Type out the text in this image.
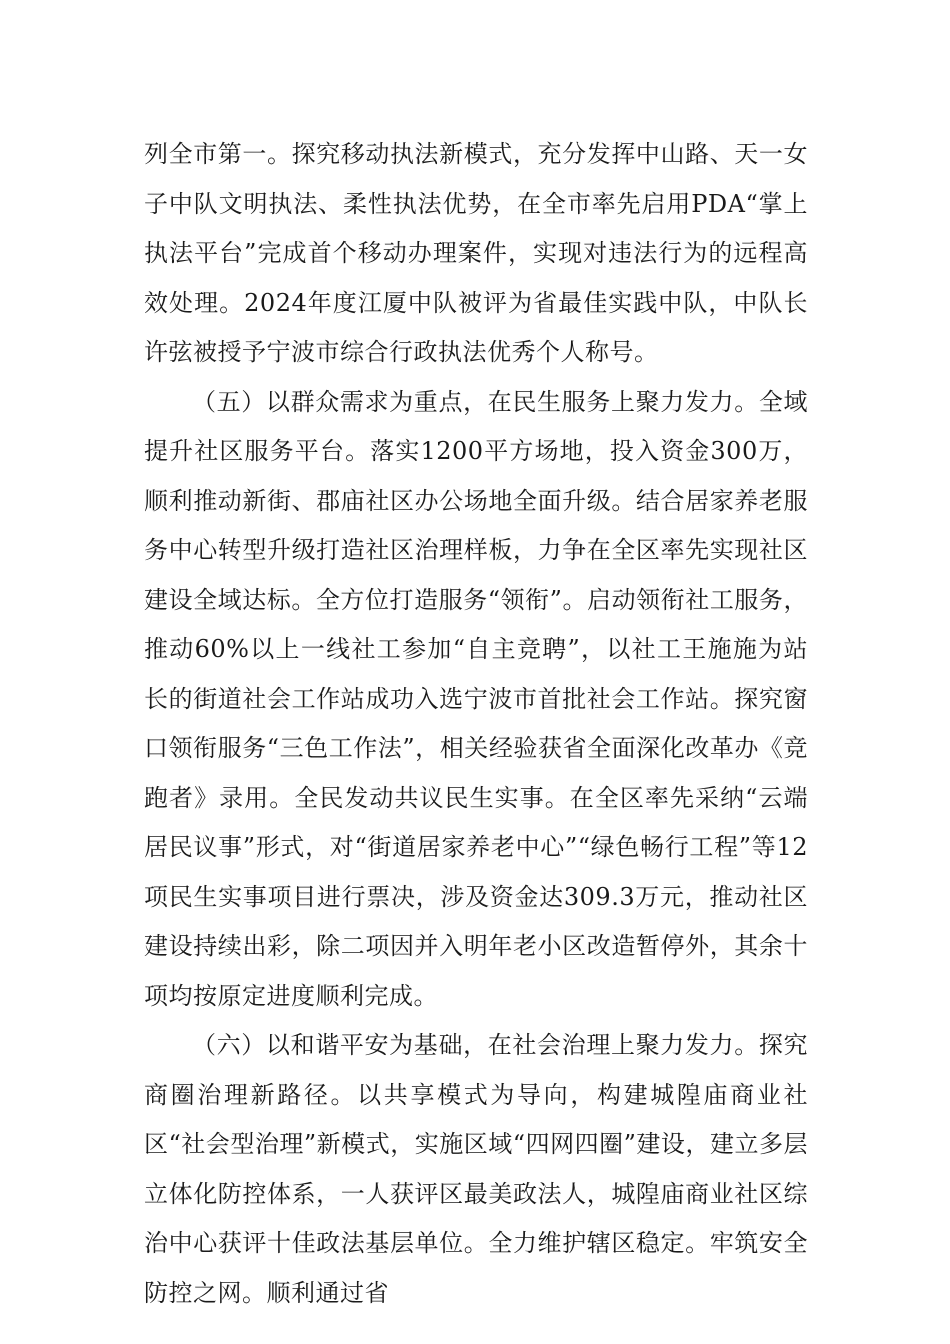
列全市第一。探究移动执法新模式，充分发挥中山路、天一女子中队文明执法、柔性执法优势，在全市率先启用PDA“掌上执法平台”完成首个移动办理案件，实现对违法行为的远程高效处理。2024年度江厦中队被评为省最佳实践中队，中队长许弦被授予宁波市综合行政执法优秀个人称号。

（五）以群众需求为重点，在民生服务上聚力发力。全域提升社区服务平台。落实1200平方场地，投入资金300万，顺利推动新街、郡庙社区办公场地全面升级。结合居家养老服务中心转型升级打造社区治理样板，力争在全区率先实现社区建设全域达标。全方位打造服务“领衔”。启动领衔社工服务，推动60%以上一线社工参加“自主竞聘”，以社工王施施为站长的街道社会工作站成功入选宁波市首批社会工作站。探究窗口领衔服务“三色工作法”，相关经验获省全面深化改革办《竞跑者》录用。全民发动共议民生实事。在全区率先采纳“云端居民议事”形式，对“街道居家养老中心”“绿色畅行工程”等12项民生实事项目进行票决，涉及资金达309.3万元，推动社区建设持续出彩，除二项因并入明年老小区改造暂停外，其余十项均按原定进度顺利完成。

（六）以和谐平安为基础，在社会治理上聚力发力。探究商圈治理新路径。以共享模式为导向，构建城隍庙商业社区“社会型治理”新模式，实施区域“四网四圈”建设，建立多层立体化防控体系，一人获评区最美政法人，城隍庙商业社区综治中心获评十佳政法基层单位。全力维护辖区稳定。牢筑安全防控之网。顺利通过省
